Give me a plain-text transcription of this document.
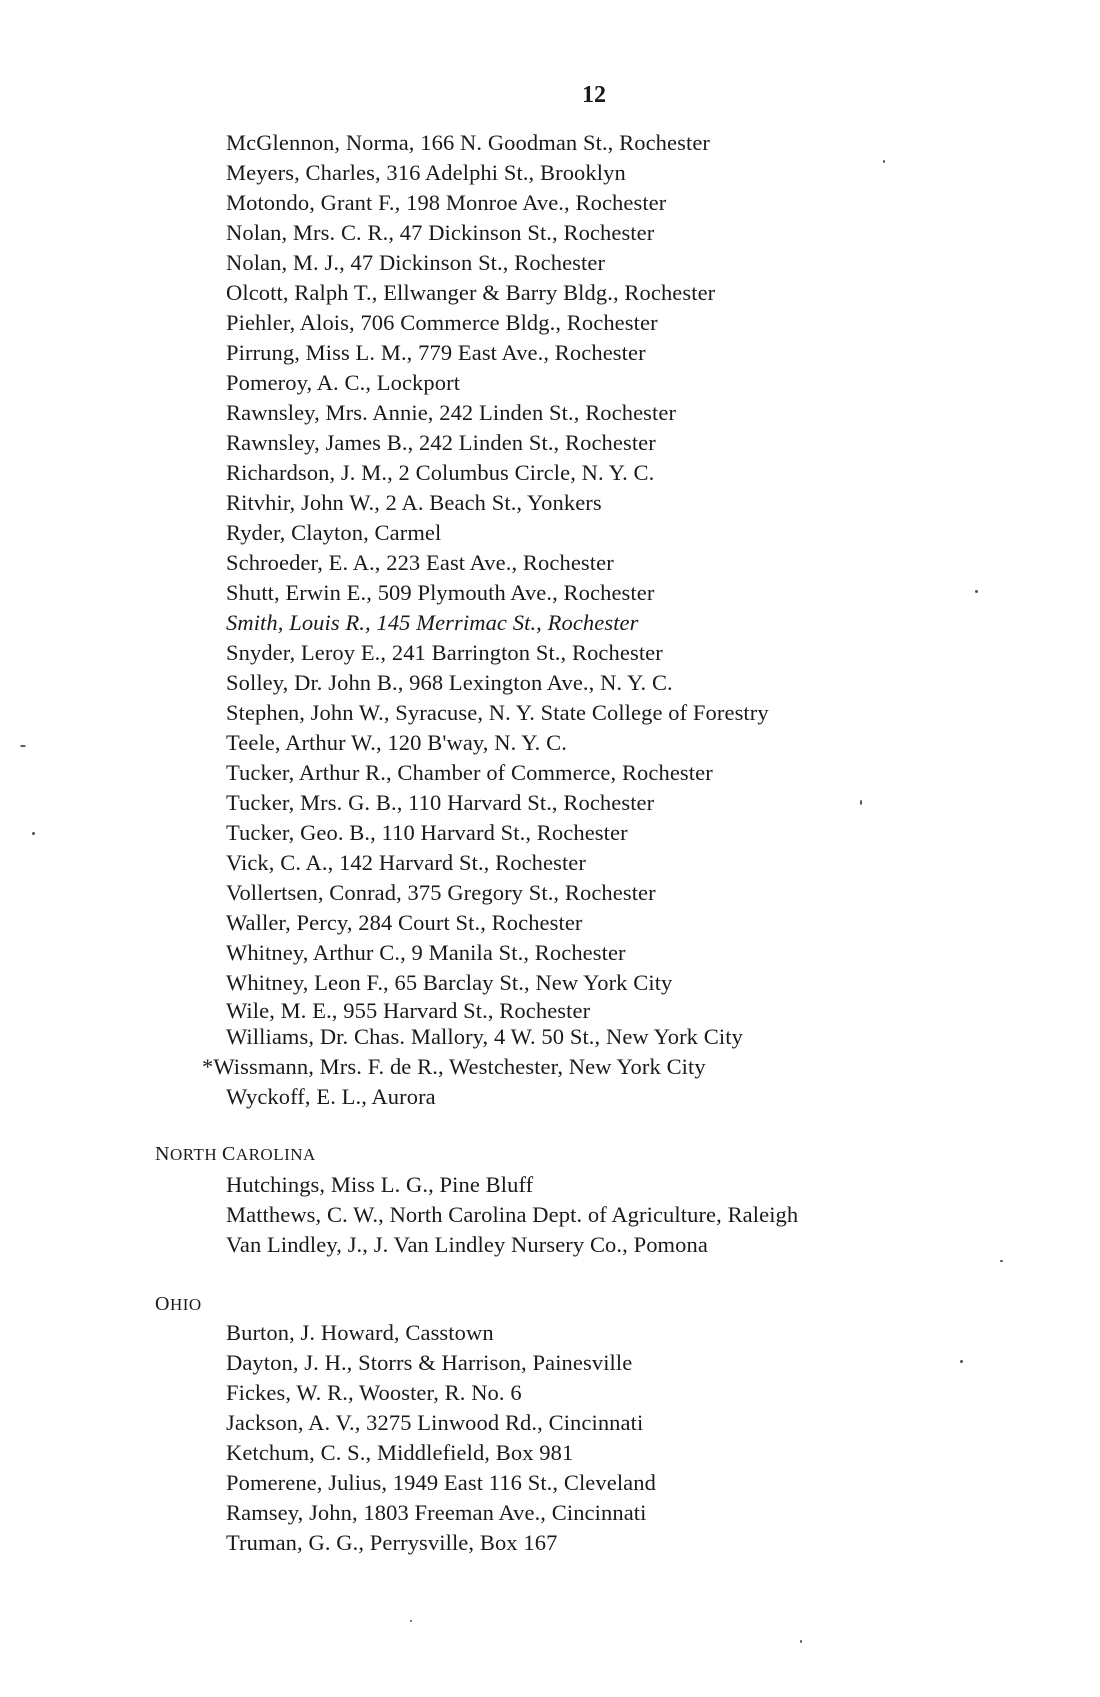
12
McGlennon, Norma, 166 N. Goodman St., Rochester
Meyers, Charles, 316 Adelphi St., Brooklyn
Motondo, Grant F., 198 Monroe Ave., Rochester
Nolan, Mrs. C. R., 47 Dickinson St., Rochester
Nolan, M. J., 47 Dickinson St., Rochester
Olcott, Ralph T., Ellwanger & Barry Bldg., Rochester
Piehler, Alois, 706 Commerce Bldg., Rochester
Pirrung, Miss L. M., 779 East Ave., Rochester
Pomeroy, A. C., Lockport
Rawnsley, Mrs. Annie, 242 Linden St., Rochester
Rawnsley, James B., 242 Linden St., Rochester
Richardson, J. M., 2 Columbus Circle, N. Y. C.
Ritvhir, John W., 2 A. Beach St., Yonkers
Ryder, Clayton, Carmel
Schroeder, E. A., 223 East Ave., Rochester
Shutt, Erwin E., 509 Plymouth Ave., Rochester
Smith, Louis R., 145 Merrimac St., Rochester
Snyder, Leroy E., 241 Barrington St., Rochester
Solley, Dr. John B., 968 Lexington Ave., N. Y. C.
Stephen, John W., Syracuse, N. Y. State College of Forestry
Teele, Arthur W., 120 B'way, N. Y. C.
Tucker, Arthur R., Chamber of Commerce, Rochester
Tucker, Mrs. G. B., 110 Harvard St., Rochester
Tucker, Geo. B., 110 Harvard St., Rochester
Vick, C. A., 142 Harvard St., Rochester
Vollertsen, Conrad, 375 Gregory St., Rochester
Waller, Percy, 284 Court St., Rochester
Whitney, Arthur C., 9 Manila St., Rochester
Whitney, Leon F., 65 Barclay St., New York City
Wile, M. E., 955 Harvard St., Rochester
Williams, Dr. Chas. Mallory, 4 W. 50 St., New York City
*Wissmann, Mrs. F. de R., Westchester, New York City
Wyckoff, E. L., Aurora
NORTH CAROLINA
Hutchings, Miss L. G., Pine Bluff
Matthews, C. W., North Carolina Dept. of Agriculture, Raleigh
Van Lindley, J., J. Van Lindley Nursery Co., Pomona
OHIO
Burton, J. Howard, Casstown
Dayton, J. H., Storrs & Harrison, Painesville
Fickes, W. R., Wooster, R. No. 6
Jackson, A. V., 3275 Linwood Rd., Cincinnati
Ketchum, C. S., Middlefield, Box 981
Pomerene, Julius, 1949 East 116 St., Cleveland
Ramsey, John, 1803 Freeman Ave., Cincinnati
Truman, G. G., Perrysville, Box 167
